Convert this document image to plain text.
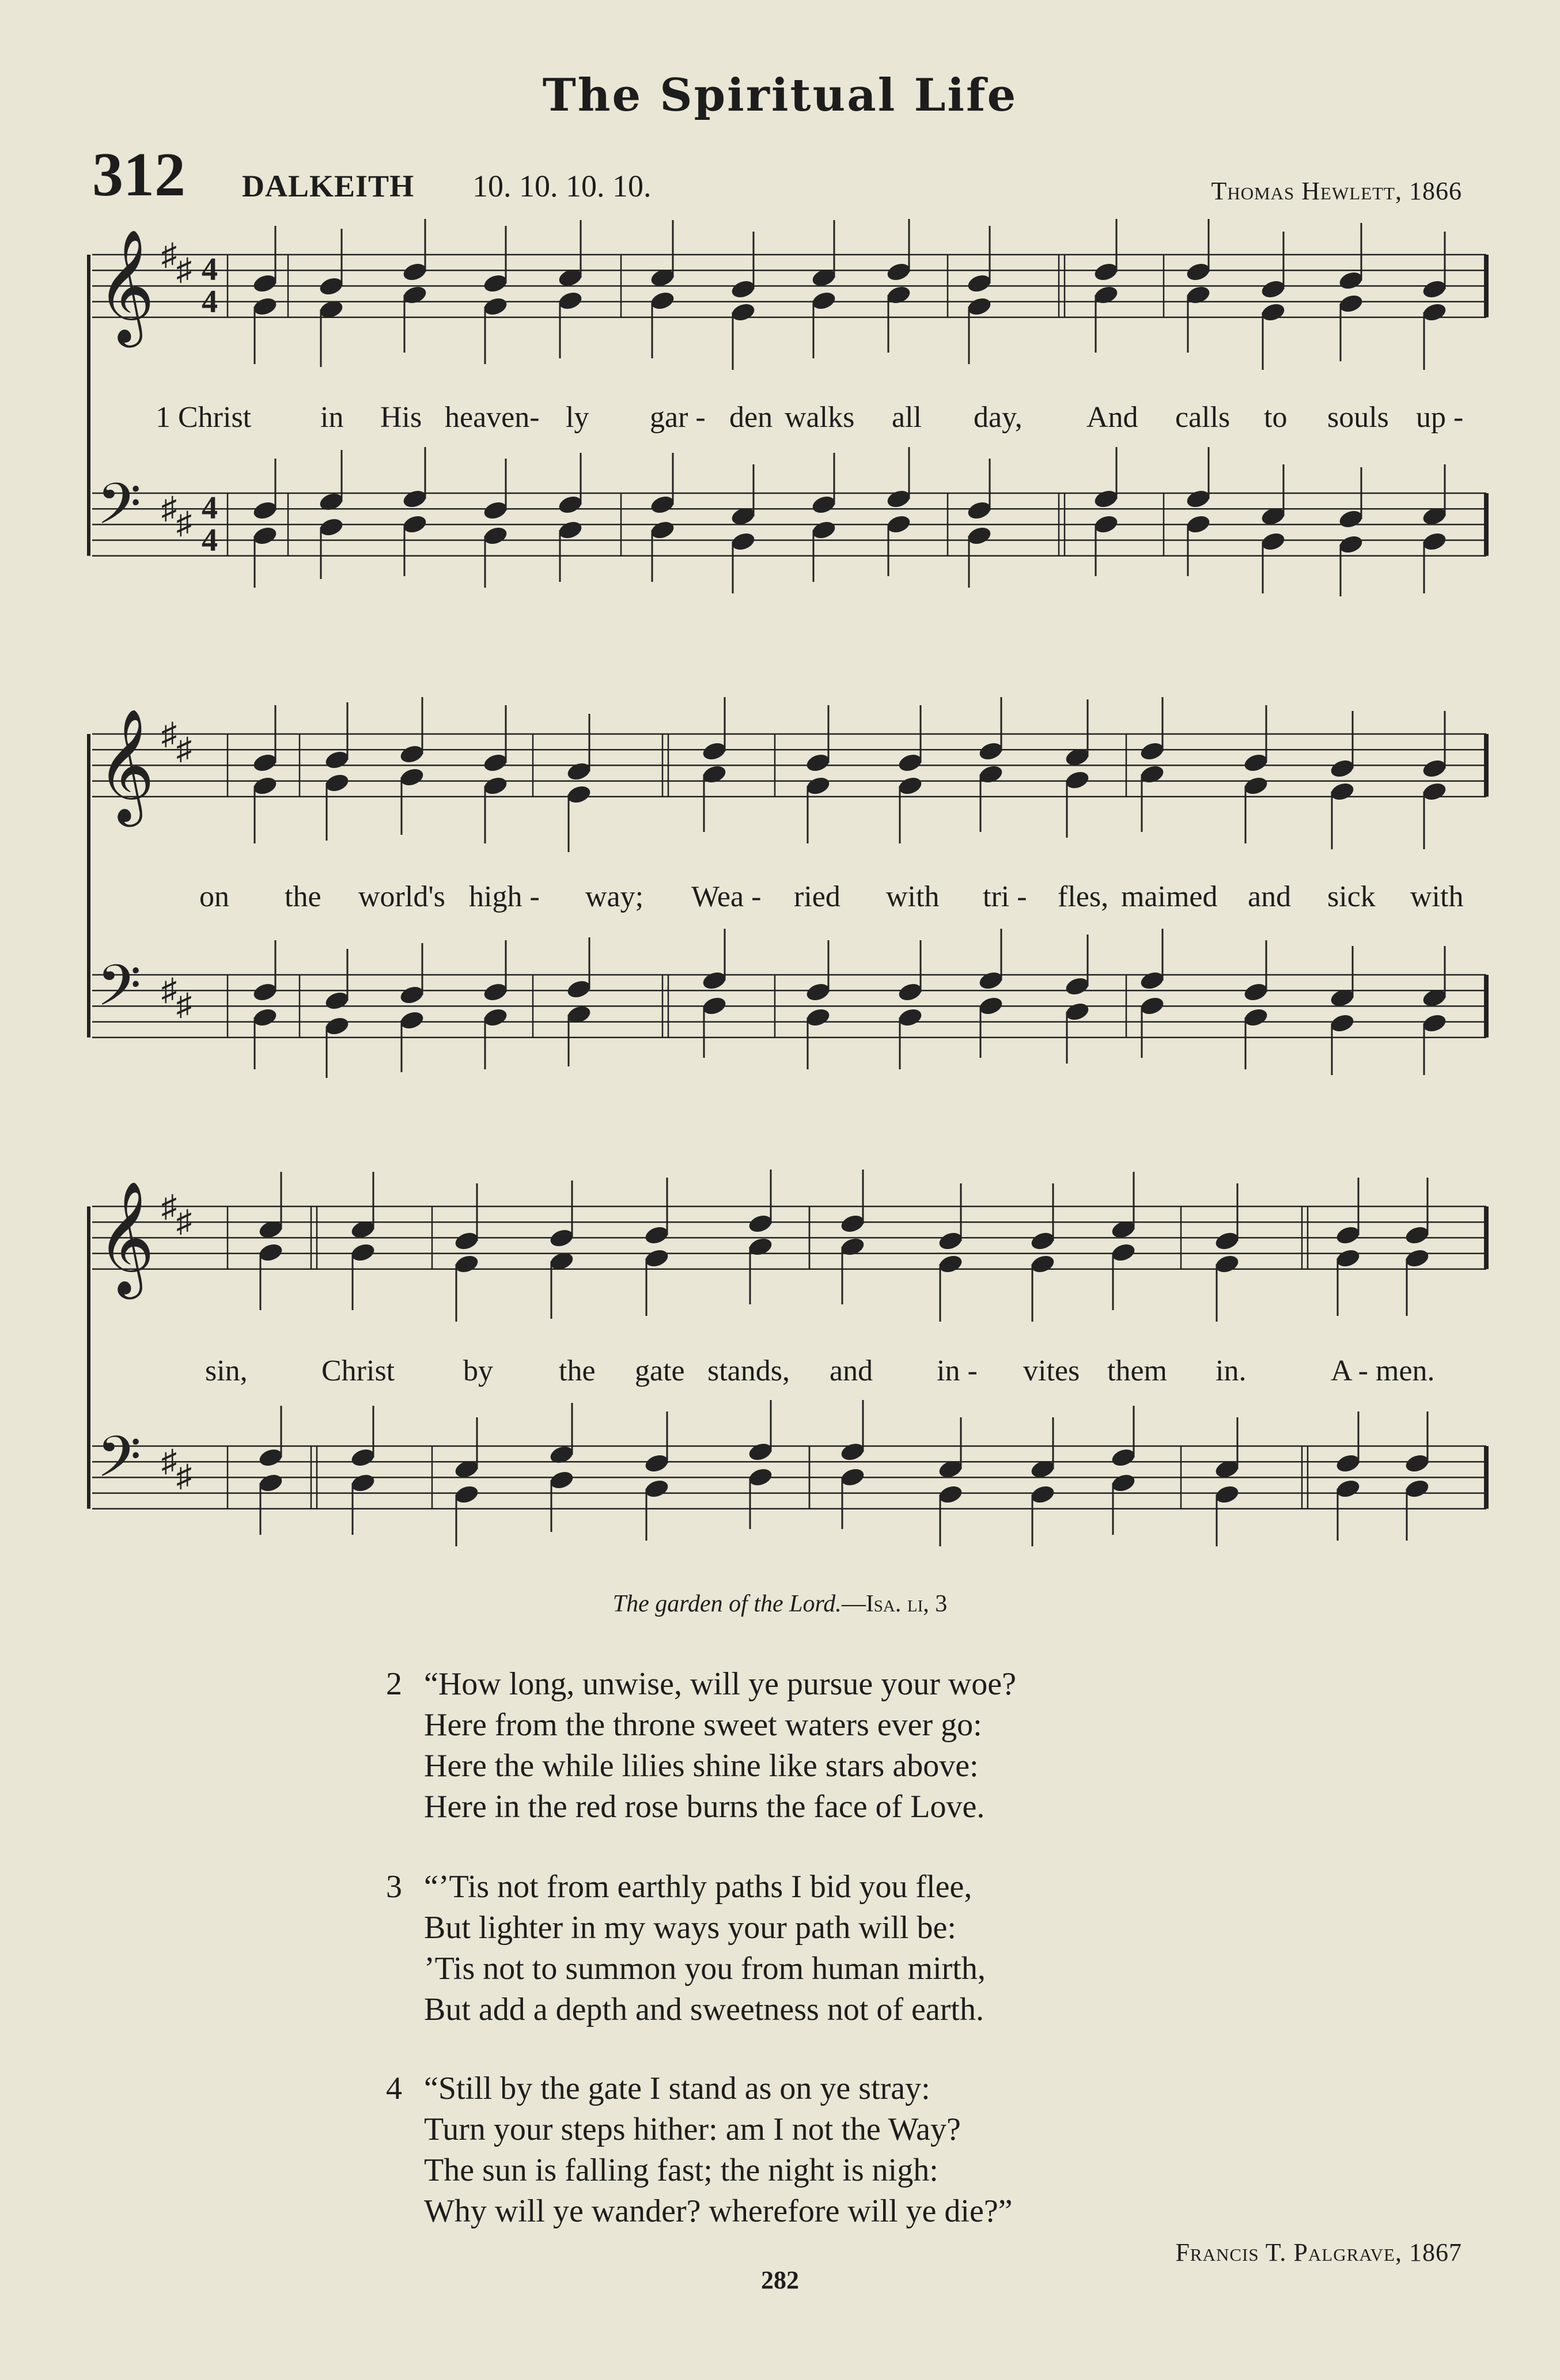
The Spiritual Life
312 DALKEITH 10. 10. 10. 10.	Thomas Hewlett, 1866
𝄞 ♯ ♯
𝄢 ♯ ♯
4
4
4
4
1 Christ in His heaven- ly gar - den walks all day, And calls to souls up -
𝄞 ♯ ♯
𝄢 ♯ ♯
on the world's high - way; Wea - ried with tri - fles, maimed and sick with
𝄞 ♯ ♯
𝄢 ♯ ♯
sin, Christ by the gate stands, and in - vites them in.	A - men.
The garden of the Lord.—Isa. li, 3
2 “How long, unwise, will ye pursue your woe?
Here from the throne sweet waters ever go:
Here the while lilies shine like stars above:
Here in the red rose burns the face of Love.
3 “’Tis not from earthly paths I bid you flee,
But lighter in my ways your path will be:
’Tis not to summon you from human mirth,
But add a depth and sweetness not of earth.
4 “Still by the gate I stand as on ye stray:
Turn your steps hither: am I not the Way?
The sun is falling fast; the night is nigh:
Why will ye wander? wherefore will ye die?”
Francis T. Palgrave, 1867
282
